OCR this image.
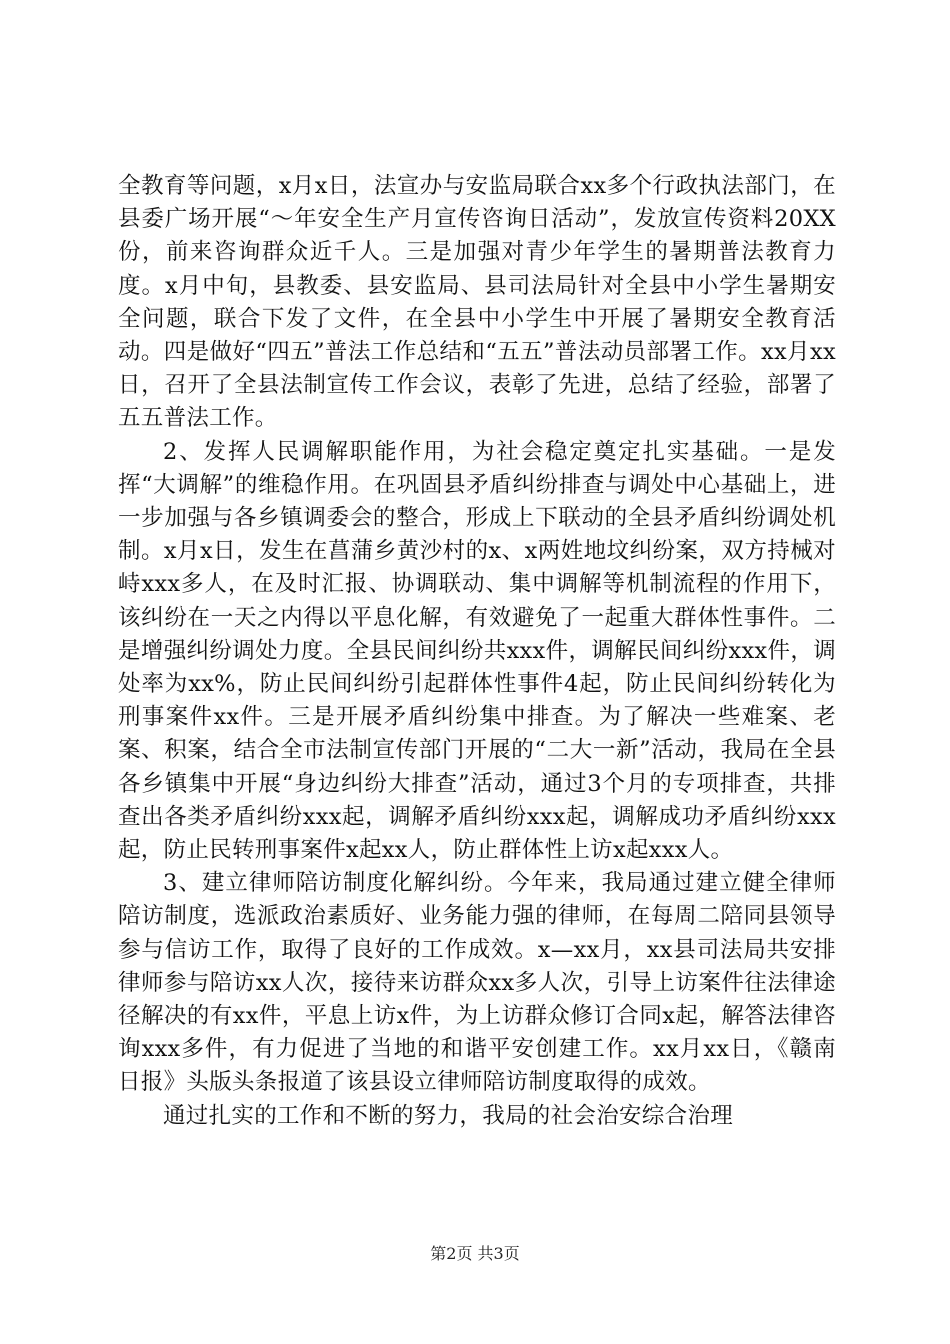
全教育等问题，x月x日，法宣办与安监局联合xx多个行政执法部门，在县委广场开展“～年安全生产月宣传咨询日活动”，发放宣传资料20XX份，前来咨询群众近千人。三是加强对青少年学生的暑期普法教育力度。x月中旬，县教委、县安监局、县司法局针对全县中小学生暑期安全问题，联合下发了文件，在全县中小学生中开展了暑期安全教育活动。四是做好“四五”普法工作总结和“五五”普法动员部署工作。xx月xx日，召开了全县法制宣传工作会议，表彰了先进，总结了经验，部署了五五普法工作。

2、发挥人民调解职能作用，为社会稳定奠定扎实基础。一是发挥“大调解”的维稳作用。在巩固县矛盾纠纷排查与调处中心基础上，进一步加强与各乡镇调委会的整合，形成上下联动的全县矛盾纠纷调处机制。x月x日，发生在菖蒲乡黄沙村的x、x两姓地坟纠纷案，双方持械对峙xxx多人，在及时汇报、协调联动、集中调解等机制流程的作用下，该纠纷在一天之内得以平息化解，有效避免了一起重大群体性事件。二是增强纠纷调处力度。全县民间纠纷共xxx件，调解民间纠纷xxx件，调处率为xx%，防止民间纠纷引起群体性事件4起，防止民间纠纷转化为刑事案件xx件。三是开展矛盾纠纷集中排查。为了解决一些难案、老案、积案，结合全市法制宣传部门开展的“二大一新”活动，我局在全县各乡镇集中开展“身边纠纷大排查”活动，通过3个月的专项排查，共排查出各类矛盾纠纷xxx起，调解矛盾纠纷xxx起，调解成功矛盾纠纷xxx起，防止民转刑事案件x起xx人，防止群体性上访x起xxx人。

3、建立律师陪访制度化解纠纷。今年来，我局通过建立健全律师陪访制度，选派政治素质好、业务能力强的律师，在每周二陪同县领导参与信访工作，取得了良好的工作成效。x—xx月，xx县司法局共安排律师参与陪访xx人次，接待来访群众xx多人次，引导上访案件往法律途径解决的有xx件，平息上访x件，为上访群众修订合同x起，解答法律咨询xxx多件，有力促进了当地的和谐平安创建工作。xx月xx日，《赣南日报》头版头条报道了该县设立律师陪访制度取得的成效。

通过扎实的工作和不断的努力，我局的社会治安综合治理

第2页 共3页
